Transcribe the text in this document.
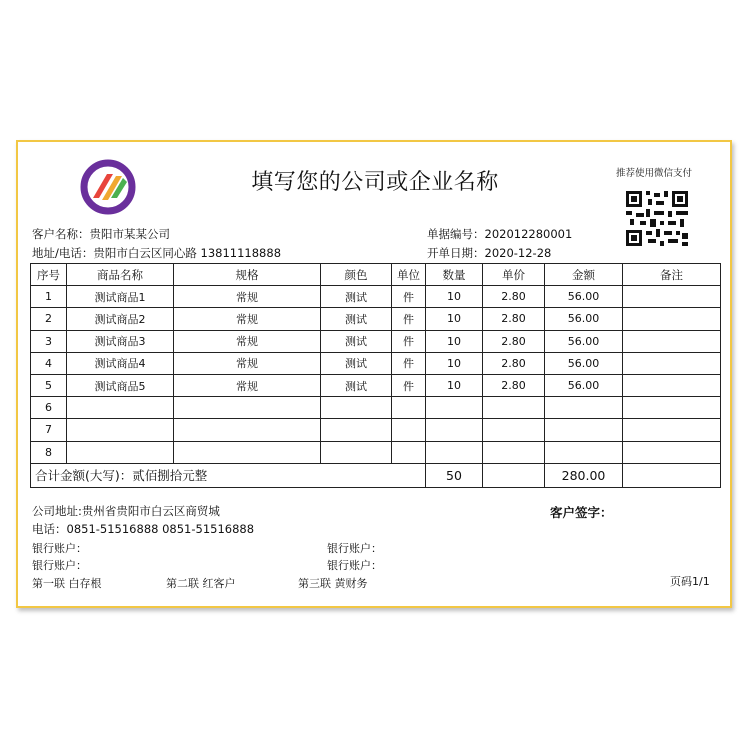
填写您的公司或企业名称	推荐使用微信支付
客户名称：贵阳市某某公司	单据编号：202012280001
地址/电话：贵阳市白云区同心路 13811118888	开单日期：2020-12-28
序号	商品名称	规格	颜色	单位	数量	单价	金额	备注
1	测试商品1	常规	测试	件	10	2.80	56.00	
2	测试商品2	常规	测试	件	10	2.80	56.00	
3	测试商品3	常规	测试	件	10	2.80	56.00	
4	测试商品4	常规	测试	件	10	2.80	56.00	
5	测试商品5	常规	测试	件	10	2.80	56.00	
6								
7								
8								
合计金额(大写)：贰佰捌拾元整					50		280.00	
公司地址:贵州省贵阳市白云区商贸城	客户签字：
电话：0851-51516888 0851-51516888
银行账户：	银行账户：
银行账户：	银行账户：
第一联 白存根	第二联 红客户	第三联 黄财务	页码1/1
